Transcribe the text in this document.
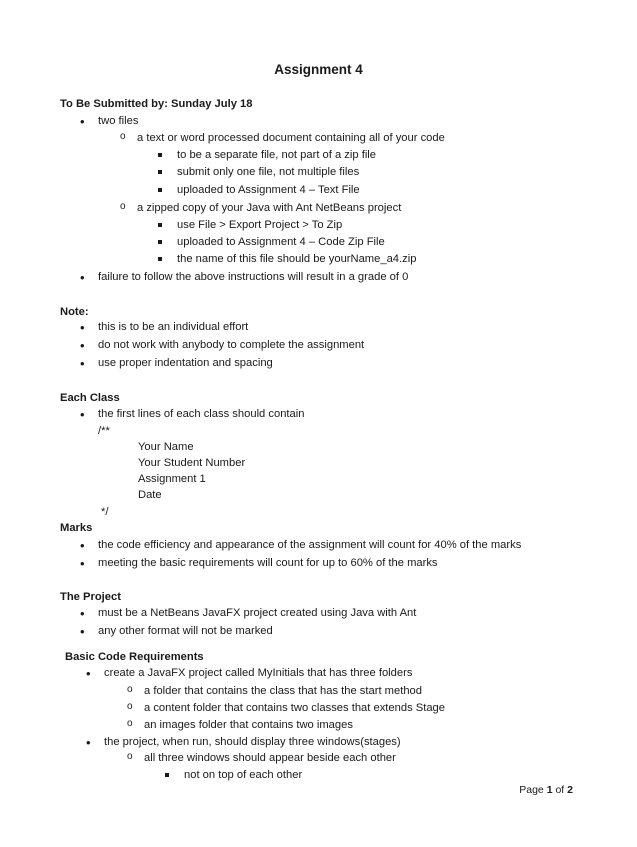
Assignment 4
To Be Submitted by: Sunday July 18
• two files
o a text or word processed document containing all of your code
to be a separate file, not part of a zip file
submit only one file, not multiple files
uploaded to Assignment 4 – Text File
o a zipped copy of your Java with Ant NetBeans project
use File > Export Project > To Zip
uploaded to Assignment 4 – Code Zip File
the name of this file should be yourName_a4.zip
• failure to follow the above instructions will result in a grade of 0
Note:
• this is to be an individual effort
• do not work with anybody to complete the assignment
• use proper indentation and spacing
Each Class
• the first lines of each class should contain
/**
Your Name
Your Student Number
Assignment 1
Date
*/
Marks
• the code efficiency and appearance of the assignment will count for 40% of the marks
• meeting the basic requirements will count for up to 60% of the marks
The Project
• must be a NetBeans JavaFX project created using Java with Ant
• any other format will not be marked
Basic Code Requirements
• create a JavaFX project called MyInitials that has three folders
o a folder that contains the class that has the start method
o a content folder that contains two classes that extends Stage
o an images folder that contains two images
• the project, when run, should display three windows(stages)
o all three windows should appear beside each other
not on top of each other
Page 1 of 2
